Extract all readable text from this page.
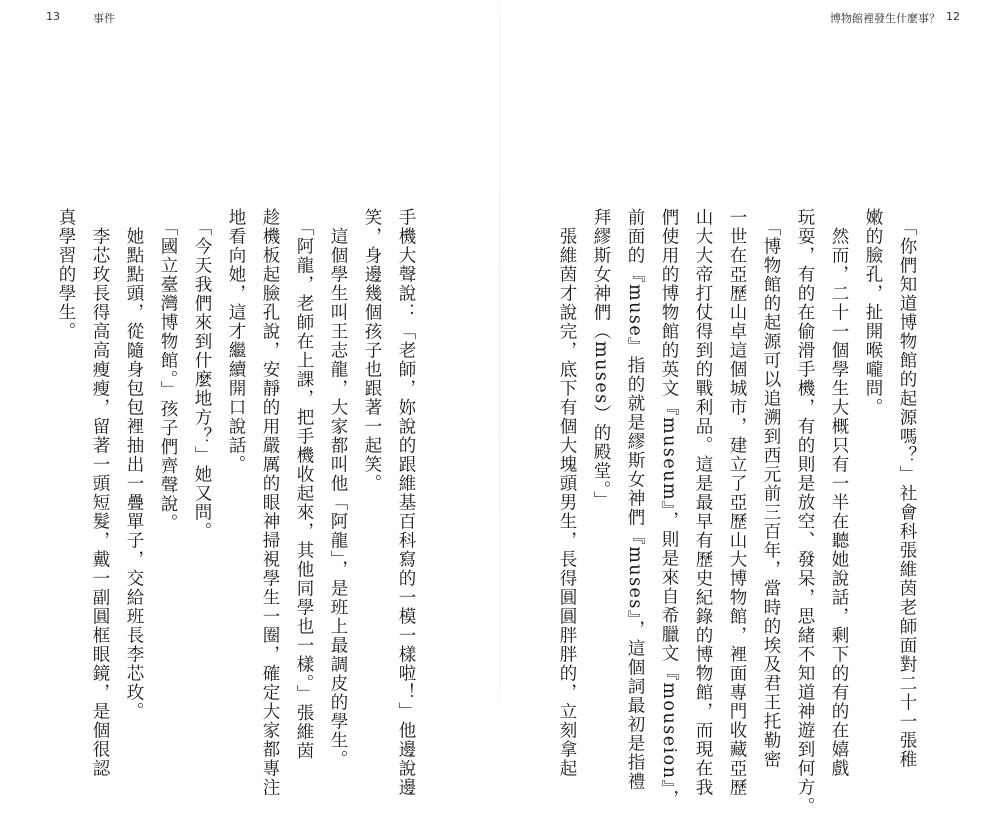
13	事件	博物館裡發生什麼事？ 12
　「你們知道博物館的起源嗎？」社會科張維茵老師面對二十一張稚
嫩的臉孔，扯開喉嚨問。
　然而，二十一個學生大概只有一半在聽她說話，剩下的有的在嬉戲
玩耍，有的在偷滑手機，有的則是放空、發呆，思緒不知道神遊到何方。
　「博物館的起源可以追溯到西元前三百年，當時的埃及君王托勒密
一世在亞歷山卓這個城市，建立了亞歷山大博物館，裡面專門收藏亞歷
山大大帝打仗得到的戰利品。這是最早有歷史紀錄的博物館，而現在我
們使用的博物館的英文『museum』，則是來自希臘文『mouseion』，
前面的『muse』指的就是繆斯女神們『muses』，這個詞最初是指禮
拜繆斯女神們（muses）的殿堂。」
　張維茵才說完，底下有個大塊頭男生，長得圓圓胖胖的，立刻拿起
手機大聲說：「老師，妳說的跟維基百科寫的一模一樣啦！」他邊說邊
笑，身邊幾個孩子也跟著一起笑。
　這個學生叫王志龍，大家都叫他「阿龍」，是班上最調皮的學生。
　「阿龍，老師在上課，把手機收起來，其他同學也一樣。」張維茵
趁機板起臉孔說，安靜的用嚴厲的眼神掃視學生一圈，確定大家都專注
地看向她，這才繼續開口說話。
　「今天我們來到什麼地方？」她又問。
　「國立臺灣博物館。」孩子們齊聲說。
　她點點頭，從隨身包包裡抽出一疊單子，交給班長李芯玫。
　李芯玫長得高高瘦瘦，留著一頭短髮，戴一副圓框眼鏡，是個很認
真學習的學生。
